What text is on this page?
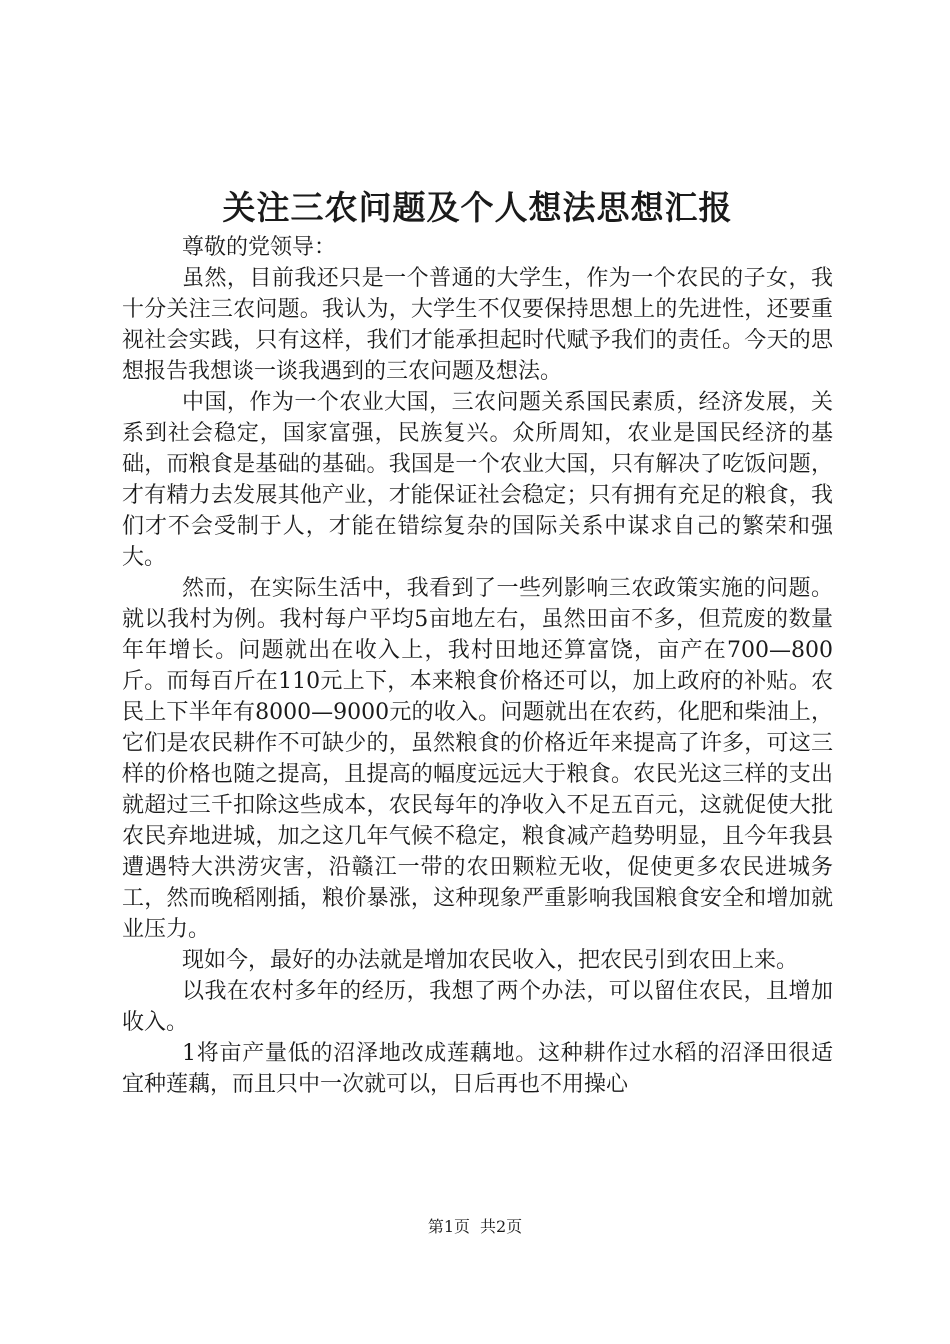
关注三农问题及个人想法思想汇报

尊敬的党领导：

虽然，目前我还只是一个普通的大学生，作为一个农民的子女，我十分关注三农问题。我认为，大学生不仅要保持思想上的先进性，还要重视社会实践，只有这样，我们才能承担起时代赋予我们的责任。今天的思想报告我想谈一谈我遇到的三农问题及想法。

中国，作为一个农业大国，三农问题关系国民素质，经济发展，关系到社会稳定，国家富强，民族复兴。众所周知，农业是国民经济的基础，而粮食是基础的基础。我国是一个农业大国，只有解决了吃饭问题，才有精力去发展其他产业，才能保证社会稳定；只有拥有充足的粮食，我们才不会受制于人，才能在错综复杂的国际关系中谋求自己的繁荣和强大。

然而，在实际生活中，我看到了一些列影响三农政策实施的问题。就以我村为例。我村每户平均5亩地左右，虽然田亩不多，但荒废的数量年年增长。问题就出在收入上，我村田地还算富饶，亩产在700—800斤。而每百斤在110元上下，本来粮食价格还可以，加上政府的补贴。农民上下半年有8000—9000元的收入。问题就出在农药，化肥和柴油上，它们是农民耕作不可缺少的，虽然粮食的价格近年来提高了许多，可这三样的价格也随之提高，且提高的幅度远远大于粮食。农民光这三样的支出就超过三千扣除这些成本，农民每年的净收入不足五百元，这就促使大批农民弃地进城，加之这几年气候不稳定，粮食减产趋势明显，且今年我县遭遇特大洪涝灾害，沿赣江一带的农田颗粒无收，促使更多农民进城务工，然而晚稻刚插，粮价暴涨，这种现象严重影响我国粮食安全和增加就业压力。

现如今，最好的办法就是增加农民收入，把农民引到农田上来。

以我在农村多年的经历，我想了两个办法，可以留住农民，且增加收入。

1将亩产量低的沼泽地改成莲藕地。这种耕作过水稻的沼泽田很适宜种莲藕，而且只中一次就可以，日后再也不用操心

第1页 共2页
